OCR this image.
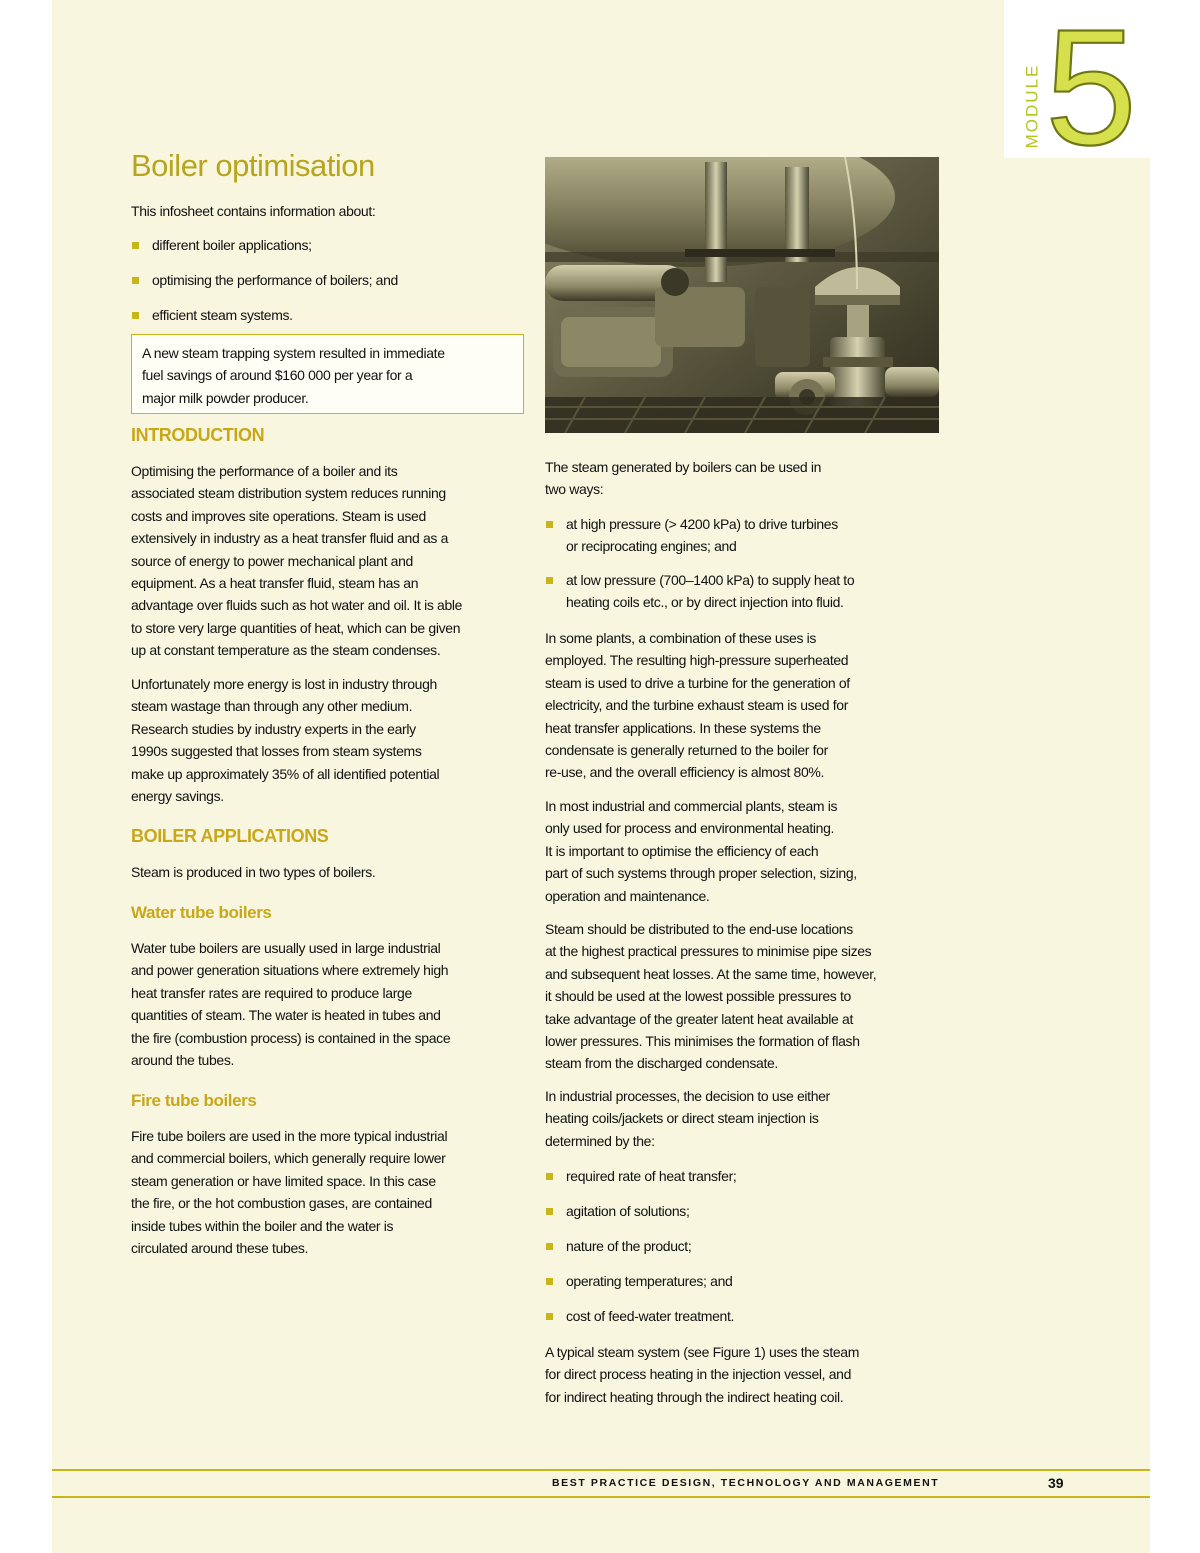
MODULE 5
Boiler optimisation

This infosheet contains information about:

different boiler applications;
optimising the performance of boilers; and
efficient steam systems.
A new steam trapping system resulted in immediate
fuel savings of around $160 000 per year for a
major milk powder producer.
INTRODUCTION
Optimising the performance of a boiler and its
associated steam distribution system reduces running
costs and improves site operations. Steam is used
extensively in industry as a heat transfer fluid and as a
source of energy to power mechanical plant and
equipment. As a heat transfer fluid, steam has an
advantage over fluids such as hot water and oil. It is able
to store very large quantities of heat, which can be given
up at constant temperature as the steam condenses.
Unfortunately more energy is lost in industry through
steam wastage than through any other medium.
Research studies by industry experts in the early
1990s suggested that losses from steam systems
make up approximately 35% of all identified potential
energy savings.
BOILER APPLICATIONS

Steam is produced in two types of boilers.

Water tube boilers
Water tube boilers are usually used in large industrial
and power generation situations where extremely high
heat transfer rates are required to produce large
quantities of steam. The water is heated in tubes and
the fire (combustion process) is contained in the space
around the tubes.
Fire tube boilers
Fire tube boilers are used in the more typical industrial
and commercial boilers, which generally require lower
steam generation or have limited space. In this case
the fire, or the hot combustion gases, are contained
inside tubes within the boiler and the water is
circulated around these tubes.
The steam generated by boilers can be used in
two ways:
at high pressure (> 4200 kPa) to drive turbines
or reciprocating engines; and
at low pressure (700–1400 kPa) to supply heat to
heating coils etc., or by direct injection into fluid.
In some plants, a combination of these uses is
employed. The resulting high-pressure superheated
steam is used to drive a turbine for the generation of
electricity, and the turbine exhaust steam is used for
heat transfer applications. In these systems the
condensate is generally returned to the boiler for
re-use, and the overall efficiency is almost 80%.
In most industrial and commercial plants, steam is
only used for process and environmental heating.
It is important to optimise the efficiency of each
part of such systems through proper selection, sizing,
operation and maintenance.
Steam should be distributed to the end-use locations
at the highest practical pressures to minimise pipe sizes
and subsequent heat losses. At the same time, however,
it should be used at the lowest possible pressures to
take advantage of the greater latent heat available at
lower pressures. This minimises the formation of flash
steam from the discharged condensate.
In industrial processes, the decision to use either
heating coils/jackets or direct steam injection is
determined by the:
required rate of heat transfer;
agitation of solutions;
nature of the product;
operating temperatures; and
cost of feed-water treatment.
A typical steam system (see Figure 1) uses the steam
for direct process heating in the injection vessel, and
for indirect heating through the indirect heating coil.
BEST PRACTICE DESIGN, TECHNOLOGY AND MANAGEMENT	39
